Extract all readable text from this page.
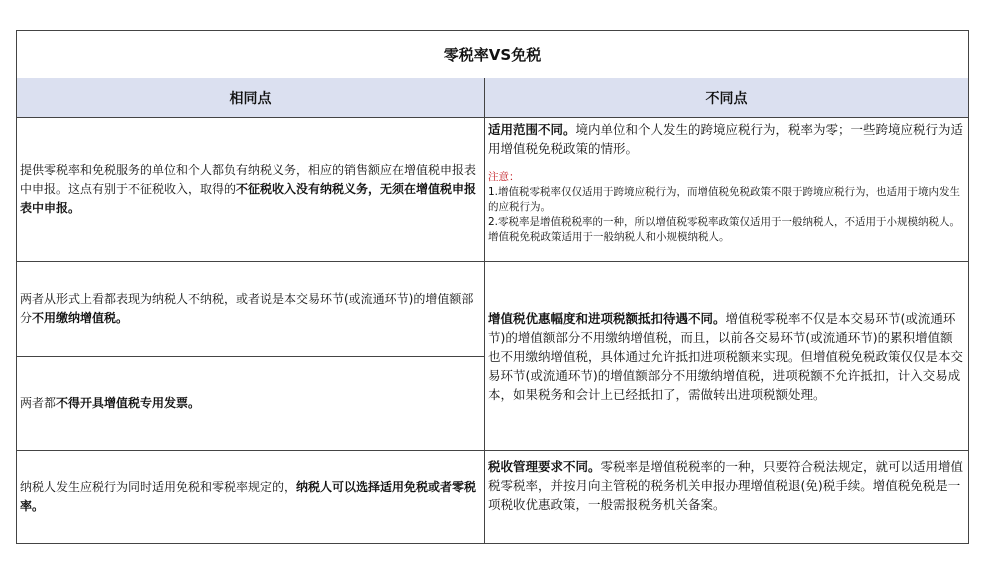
零税率VS免税
相同点	不同点
提供零税率和免税服务的单位和个人都负有纳税义务，相应的销售额应在增值税申报表中申报。这点有别于不征税收入，取得的不征税收入没有纳税义务，无须在增值税申报表中申报。
两者从形式上看都表现为纳税人不纳税，或者说是本交易环节(或流通环节)的增值额部分不用缴纳增值税。
两者都不得开具增值税专用发票。
纳税人发生应税行为同时适用免税和零税率规定的，纳税人可以选择适用免税或者零税率。
适用范围不同。境内单位和个人发生的跨境应税行为，税率为零；一些跨境应税行为适用增值税免税政策的情形。
注意：
1.增值税零税率仅仅适用于跨境应税行为，而增值税免税政策不限于跨境应税行为，也适用于境内发生的应税行为。
2.零税率是增值税税率的一种，所以增值税零税率政策仅适用于一般纳税人，不适用于小规模纳税人。增值税免税政策适用于一般纳税人和小规模纳税人。
增值税优惠幅度和进项税额抵扣待遇不同。增值税零税率不仅是本交易环节(或流通环节)的增值额部分不用缴纳增值税，而且，以前各交易环节(或流通环节)的累积增值额也不用缴纳增值税，具体通过允许抵扣进项税额来实现。但增值税免税政策仅仅是本交易环节(或流通环节)的增值额部分不用缴纳增值税，进项税额不允许抵扣，计入交易成本，如果税务和会计上已经抵扣了，需做转出进项税额处理。
税收管理要求不同。零税率是增值税税率的一种，只要符合税法规定，就可以适用增值税零税率，并按月向主管税的税务机关申报办理增值税退(免)税手续。增值税免税是一项税收优惠政策，一般需报税务机关备案。
